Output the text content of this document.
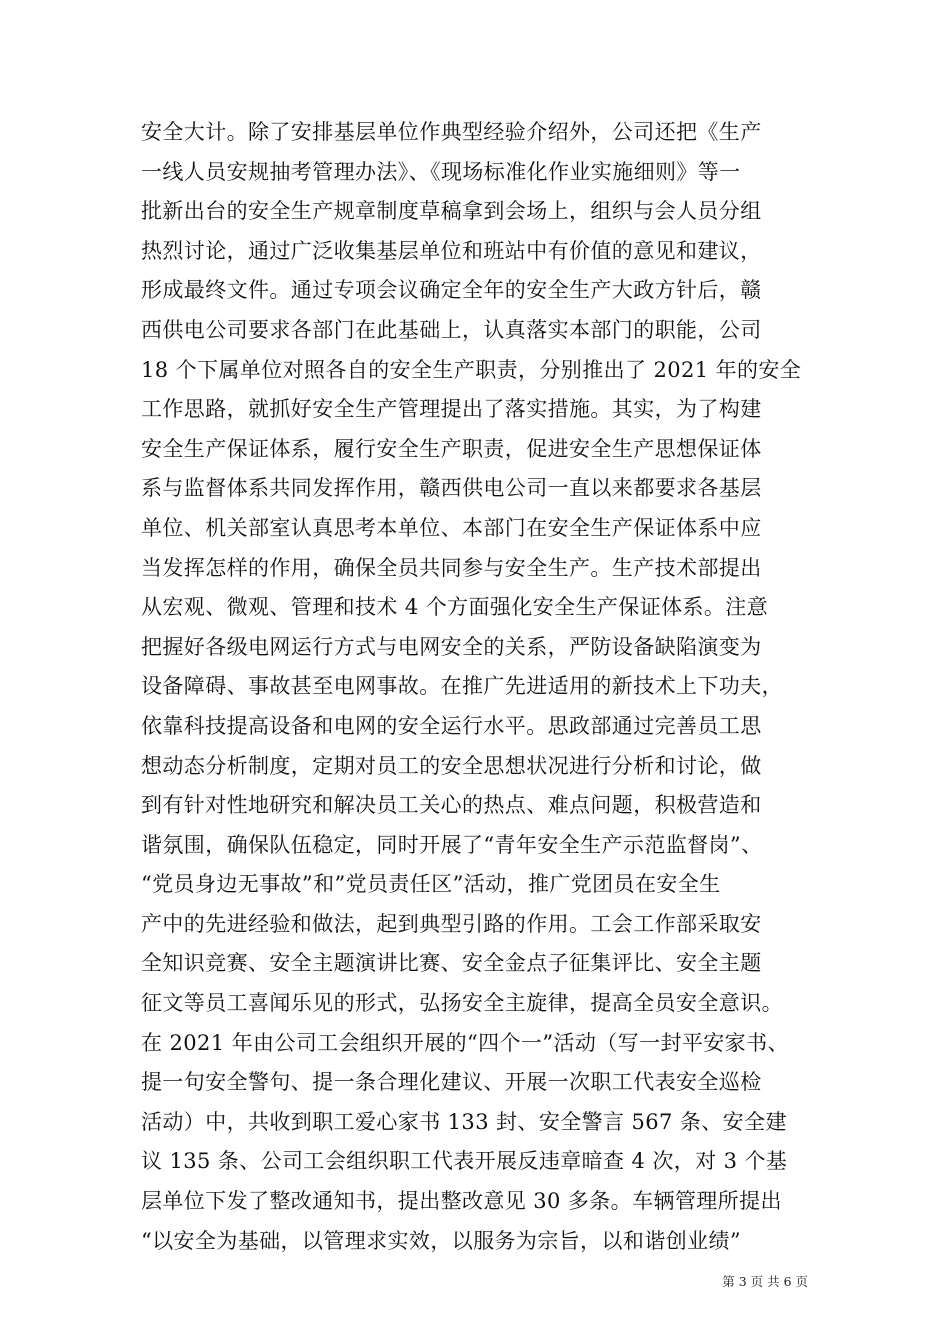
安全大计。除了安排基层单位作典型经验介绍外，公司还把《生产
一线人员安规抽考管理办法》、《现场标准化作业实施细则》等一
批新出台的安全生产规章制度草稿拿到会场上，组织与会人员分组
热烈讨论，通过广泛收集基层单位和班站中有价值的意见和建议，
形成最终文件。通过专项会议确定全年的安全生产大政方针后，赣
西供电公司要求各部门在此基础上，认真落实本部门的职能，公司
18 个下属单位对照各自的安全生产职责，分别推出了 2021 年的安全
工作思路，就抓好安全生产管理提出了落实措施。其实，为了构建
安全生产保证体系，履行安全生产职责，促进安全生产思想保证体
系与监督体系共同发挥作用，赣西供电公司一直以来都要求各基层
单位、机关部室认真思考本单位、本部门在安全生产保证体系中应
当发挥怎样的作用，确保全员共同参与安全生产。生产技术部提出
从宏观、微观、管理和技术 4 个方面强化安全生产保证体系。注意
把握好各级电网运行方式与电网安全的关系，严防设备缺陷演变为
设备障碍、事故甚至电网事故。在推广先进适用的新技术上下功夫，
依靠科技提高设备和电网的安全运行水平。思政部通过完善员工思
想动态分析制度，定期对员工的安全思想状况进行分析和讨论，做
到有针对性地研究和解决员工关心的热点、难点问题，积极营造和
谐氛围，确保队伍稳定，同时开展了“青年安全生产示范监督岗”、
“党员身边无事故”和”党员责任区”活动，推广党团员在安全生
产中的先进经验和做法，起到典型引路的作用。工会工作部采取安
全知识竞赛、安全主题演讲比赛、安全金点子征集评比、安全主题
征文等员工喜闻乐见的形式，弘扬安全主旋律，提高全员安全意识。
在 2021 年由公司工会组织开展的“四个一”活动（写一封平安家书、
提一句安全警句、提一条合理化建议、开展一次职工代表安全巡检
活动）中，共收到职工爱心家书 133 封、安全警言 567 条、安全建
议 135 条、公司工会组织职工代表开展反违章暗查 4 次，对 3 个基
层单位下发了整改通知书，提出整改意见 30 多条。车辆管理所提出
“以安全为基础，以管理求实效，以服务为宗旨，以和谐创业绩”
第 3 页 共 6 页
